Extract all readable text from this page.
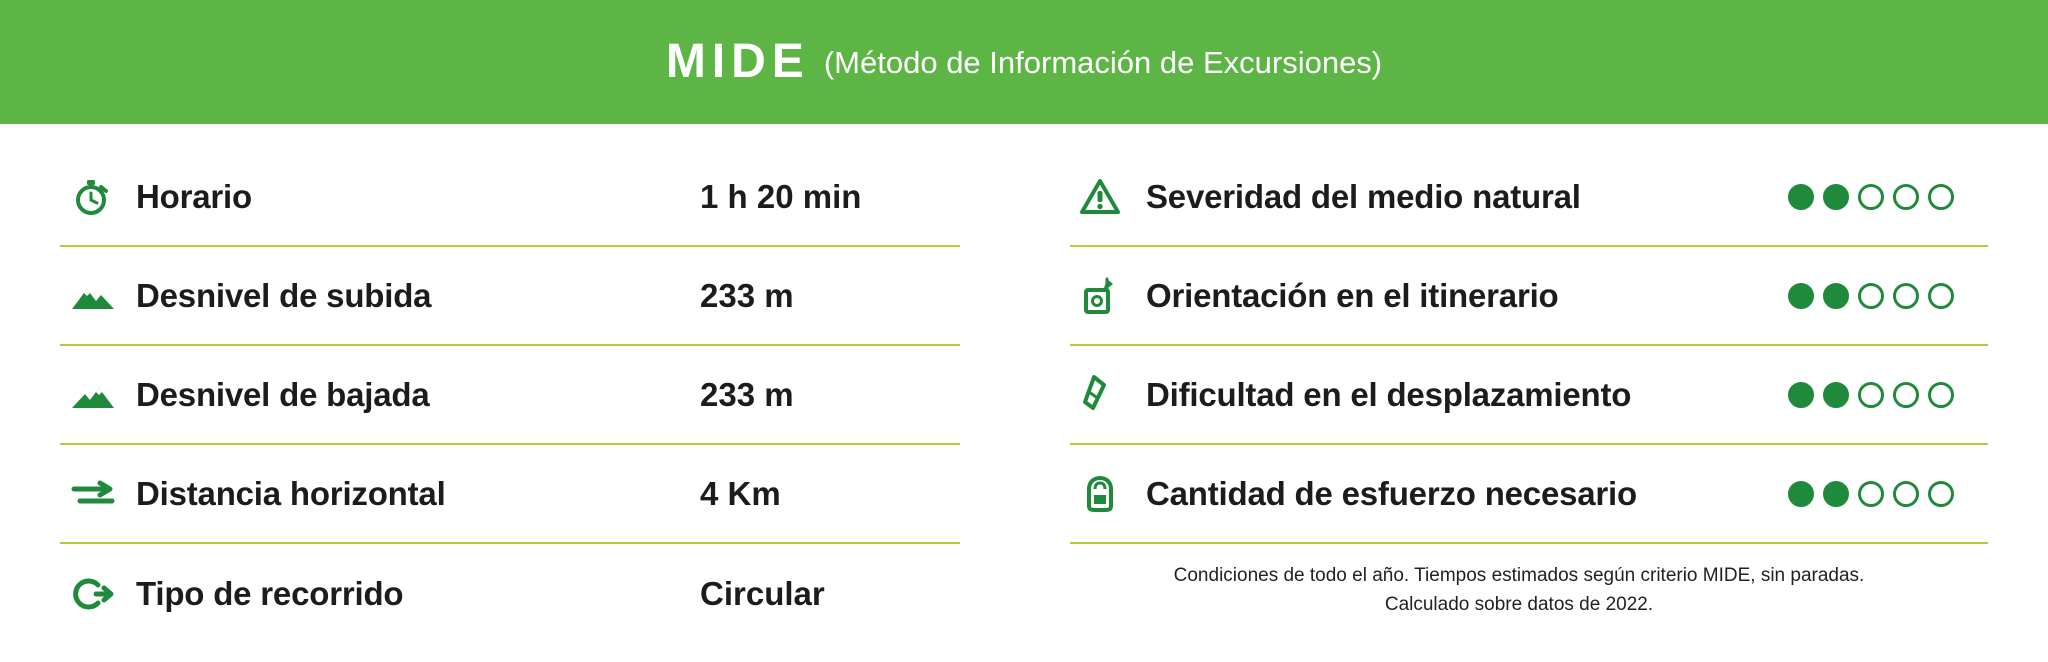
MIDE (Método de Información de Excursiones)
Horario	1 h 20 min
Desnivel de subida	233 m
Desnivel de bajada	233 m
Distancia horizontal	4 Km
Tipo de recorrido	Circular
Severidad del medio natural
Orientación en el itinerario
Dificultad en el desplazamiento
Cantidad de esfuerzo necesario
Condiciones de todo el año. Tiempos estimados según criterio MIDE, sin paradas.
Calculado sobre datos de 2022.
